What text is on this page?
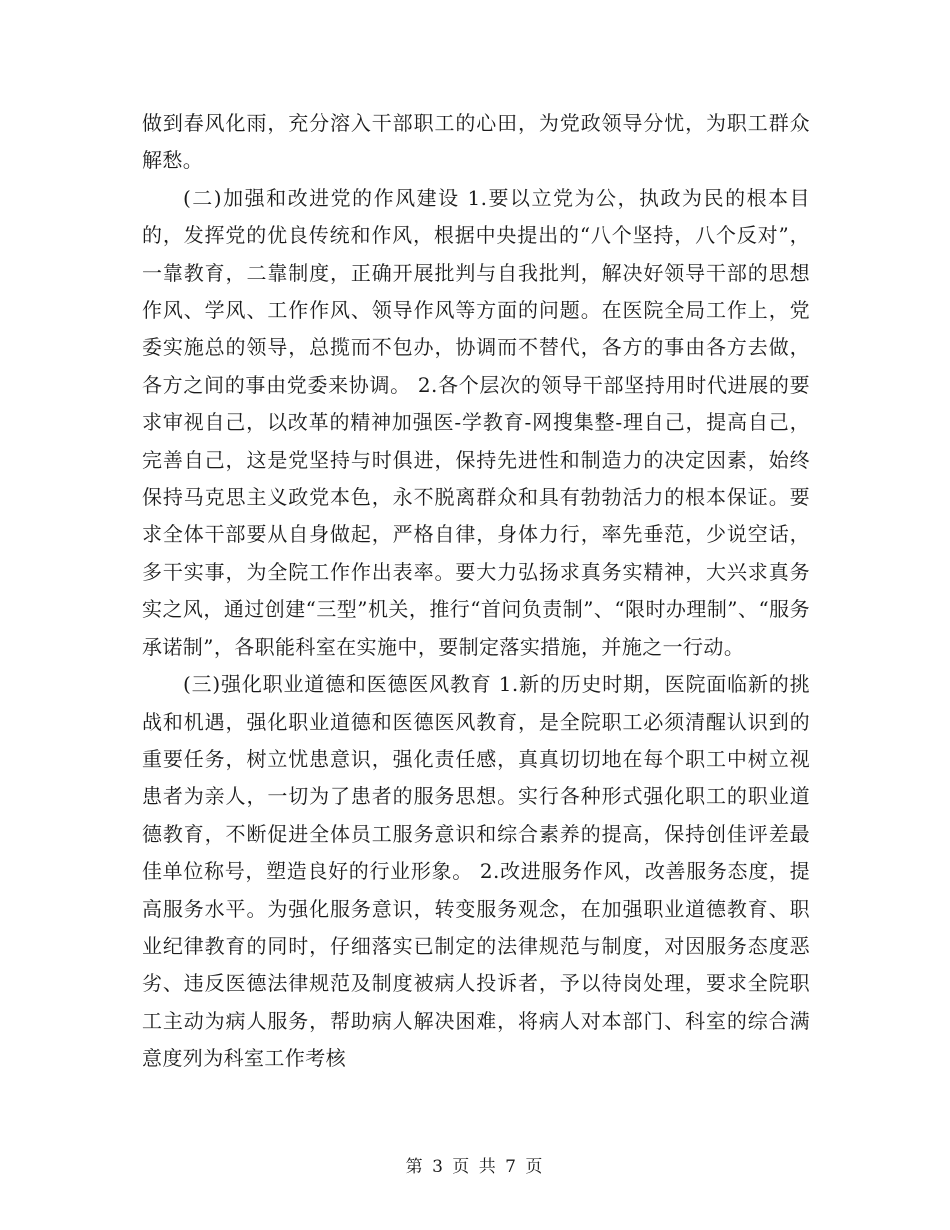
做到春风化雨，充分溶入干部职工的心田，为党政领导分忧，为职工群众解愁。

(二)加强和改进党的作风建设 1.要以立党为公，执政为民的根本目的，发挥党的优良传统和作风，根据中央提出的“八个坚持，八个反对”，一靠教育，二靠制度，正确开展批判与自我批判，解决好领导干部的思想作风、学风、工作作风、领导作风等方面的问题。在医院全局工作上，党委实施总的领导，总揽而不包办，协调而不替代，各方的事由各方去做，各方之间的事由党委来协调。 2.各个层次的领导干部坚持用时代进展的要求审视自己，以改革的精神加强医-学教育-网搜集整-理自己，提高自己，完善自己，这是党坚持与时俱进，保持先进性和制造力的决定因素，始终保持马克思主义政党本色，永不脱离群众和具有勃勃活力的根本保证。要求全体干部要从自身做起，严格自律，身体力行，率先垂范，少说空话，多干实事，为全院工作作出表率。要大力弘扬求真务实精神，大兴求真务实之风，通过创建“三型”机关，推行“首问负责制”、“限时办理制”、“服务承诺制”，各职能科室在实施中，要制定落实措施，并施之一行动。

(三)强化职业道德和医德医风教育 1.新的历史时期，医院面临新的挑战和机遇，强化职业道德和医德医风教育，是全院职工必须清醒认识到的重要任务，树立忧患意识，强化责任感，真真切切地在每个职工中树立视患者为亲人，一切为了患者的服务思想。实行各种形式强化职工的职业道德教育，不断促进全体员工服务意识和综合素养的提高，保持创佳评差最佳单位称号，塑造良好的行业形象。 2.改进服务作风，改善服务态度，提高服务水平。为强化服务意识，转变服务观念，在加强职业道德教育、职业纪律教育的同时，仔细落实已制定的法律规范与制度，对因服务态度恶劣、违反医德法律规范及制度被病人投诉者，予以待岗处理，要求全院职工主动为病人服务，帮助病人解决困难，将病人对本部门、科室的综合满意度列为科室工作考核

第 3 页 共 7 页
